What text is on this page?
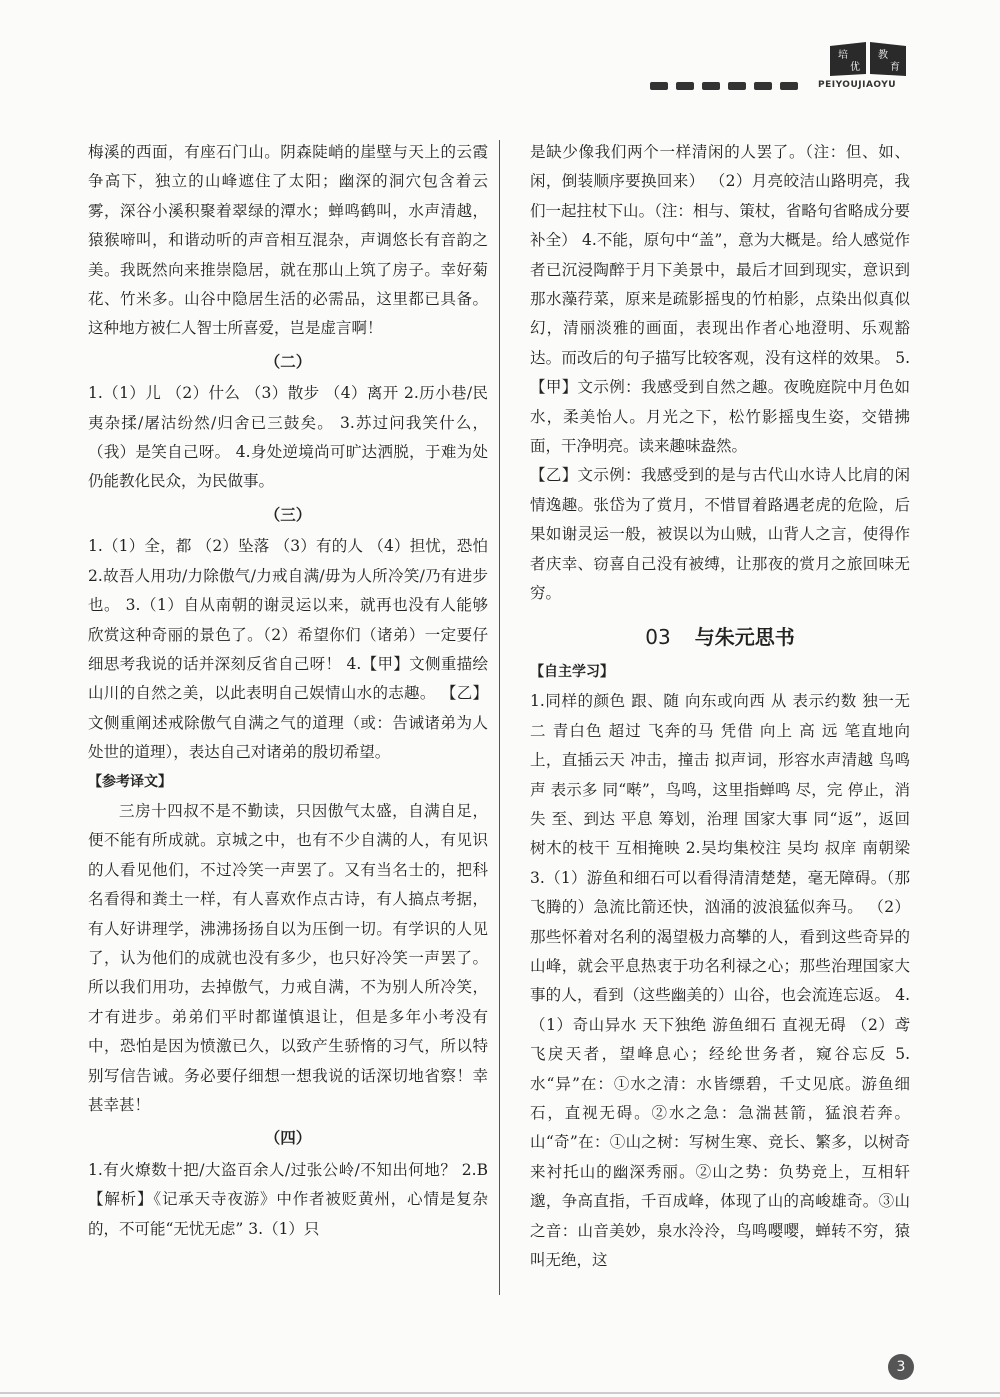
培	教
优	育
PEIYOUJIAOYU

梅溪的西面，有座石门山。阴森陡峭的崖壁与天上的云霞争高下，独立的山峰遮住了太阳；幽深的洞穴包含着云雾，深谷小溪积聚着翠绿的潭水；蝉鸣鹤叫，水声清越，猿猴啼叫，和谐动听的声音相互混杂，声调悠长有音韵之美。我既然向来推崇隐居，就在那山上筑了房子。幸好菊花、竹米多。山谷中隐居生活的必需品，这里都已具备。这种地方被仁人智士所喜爱，岂是虚言啊！

（二）

1.（1）儿 （2）什么 （3）散步 （4）离开 2.历小巷/民夷杂揉/屠沽纷然/归舍已三鼓矣。 3.苏过问我笑什么，（我）是笑自己呀。 4.身处逆境尚可旷达洒脱，于难为处仍能教化民众，为民做事。

（三）

1.（1）全，都 （2）坠落 （3）有的人 （4）担忧，恐怕 2.故吾人用功/力除傲气/力戒自满/毋为人所冷笑/乃有进步也。 3.（1）自从南朝的谢灵运以来，就再也没有人能够欣赏这种奇丽的景色了。（2）希望你们（诸弟）一定要仔细思考我说的话并深刻反省自己呀！ 4.【甲】文侧重描绘山川的自然之美，以此表明自己娱情山水的志趣。 【乙】文侧重阐述戒除傲气自满之气的道理（或：告诫诸弟为人处世的道理），表达自己对诸弟的殷切希望。

【参考译文】

三房十四叔不是不勤读，只因傲气太盛，自满自足，便不能有所成就。京城之中，也有不少自满的人，有见识的人看见他们，不过冷笑一声罢了。又有当名士的，把科名看得和粪土一样，有人喜欢作点古诗，有人搞点考据，有人好讲理学，沸沸扬扬自以为压倒一切。有学识的人见了，认为他们的成就也没有多少，也只好冷笑一声罢了。所以我们用功，去掉傲气，力戒自满，不为别人所冷笑，才有进步。弟弟们平时都谨慎退让，但是多年小考没有中，恐怕是因为愤激已久，以致产生骄惰的习气，所以特别写信告诫。务必要仔细想一想我说的话深切地省察！幸甚幸甚！

（四）

1.有火燎数十把/大盗百余人/过张公岭/不知出何地？ 2.B【解析】《记承天寺夜游》中作者被贬黄州，心情是复杂的，不可能“无忧无虑” 3.（1）只

是缺少像我们两个一样清闲的人罢了。（注：但、如、闲，倒装顺序要换回来） （2）月亮皎洁山路明亮，我们一起拄杖下山。（注：相与、策杖，省略句省略成分要补全） 4.不能，原句中“盖”，意为大概是。给人感觉作者已沉浸陶醉于月下美景中，最后才回到现实，意识到那水藻荇菜，原来是疏影摇曳的竹柏影，点染出似真似幻，清丽淡雅的画面，表现出作者心地澄明、乐观豁达。而改后的句子描写比较客观，没有这样的效果。 5.【甲】文示例：我感受到自然之趣。夜晚庭院中月色如水，柔美怡人。月光之下，松竹影摇曳生姿，交错拂面，干净明亮。读来趣味盎然。

【乙】文示例：我感受到的是与古代山水诗人比肩的闲情逸趣。张岱为了赏月，不惜冒着路遇老虎的危险，后果如谢灵运一般，被误以为山贼，山背人之言，使得作者庆幸、窃喜自己没有被缚，让那夜的赏月之旅回味无穷。

03 与朱元思书
【自主学习】

1.同样的颜色 跟、随 向东或向西 从 表示约数 独一无二 青白色 超过 飞奔的马 凭借 向上 高 远 笔直地向上，直插云天 冲击，撞击 拟声词，形容水声清越 鸟鸣声 表示多 同“啭”，鸟鸣，这里指蝉鸣 尽，完 停止，消失 至、到达 平息 筹划，治理 国家大事 同“返”，返回 树木的枝干 互相掩映 2.吴均集校注 吴均 叔庠 南朝梁 3.（1）游鱼和细石可以看得清清楚楚，毫无障碍。（那飞腾的）急流比箭还快，汹涌的波浪猛似奔马。 （2）那些怀着对名利的渴望极力高攀的人，看到这些奇异的山峰，就会平息热衷于功名利禄之心；那些治理国家大事的人，看到（这些幽美的）山谷，也会流连忘返。 4.（1）奇山异水 天下独绝 游鱼细石 直视无碍 （2）鸢飞戾天者，望峰息心；经纶世务者，窥谷忘反 5.水“异”在：①水之清：水皆缥碧，千丈见底。游鱼细石，直视无碍。②水之急：急湍甚箭，猛浪若奔。山“奇”在：①山之树：写树生寒、竞长、繁多，以树奇来衬托山的幽深秀丽。②山之势：负势竞上，互相轩邈，争高直指，千百成峰，体现了山的高峻雄奇。③山之音：山音美妙，泉水泠泠，鸟鸣嘤嘤，蝉转不穷，猿叫无绝，这

3
